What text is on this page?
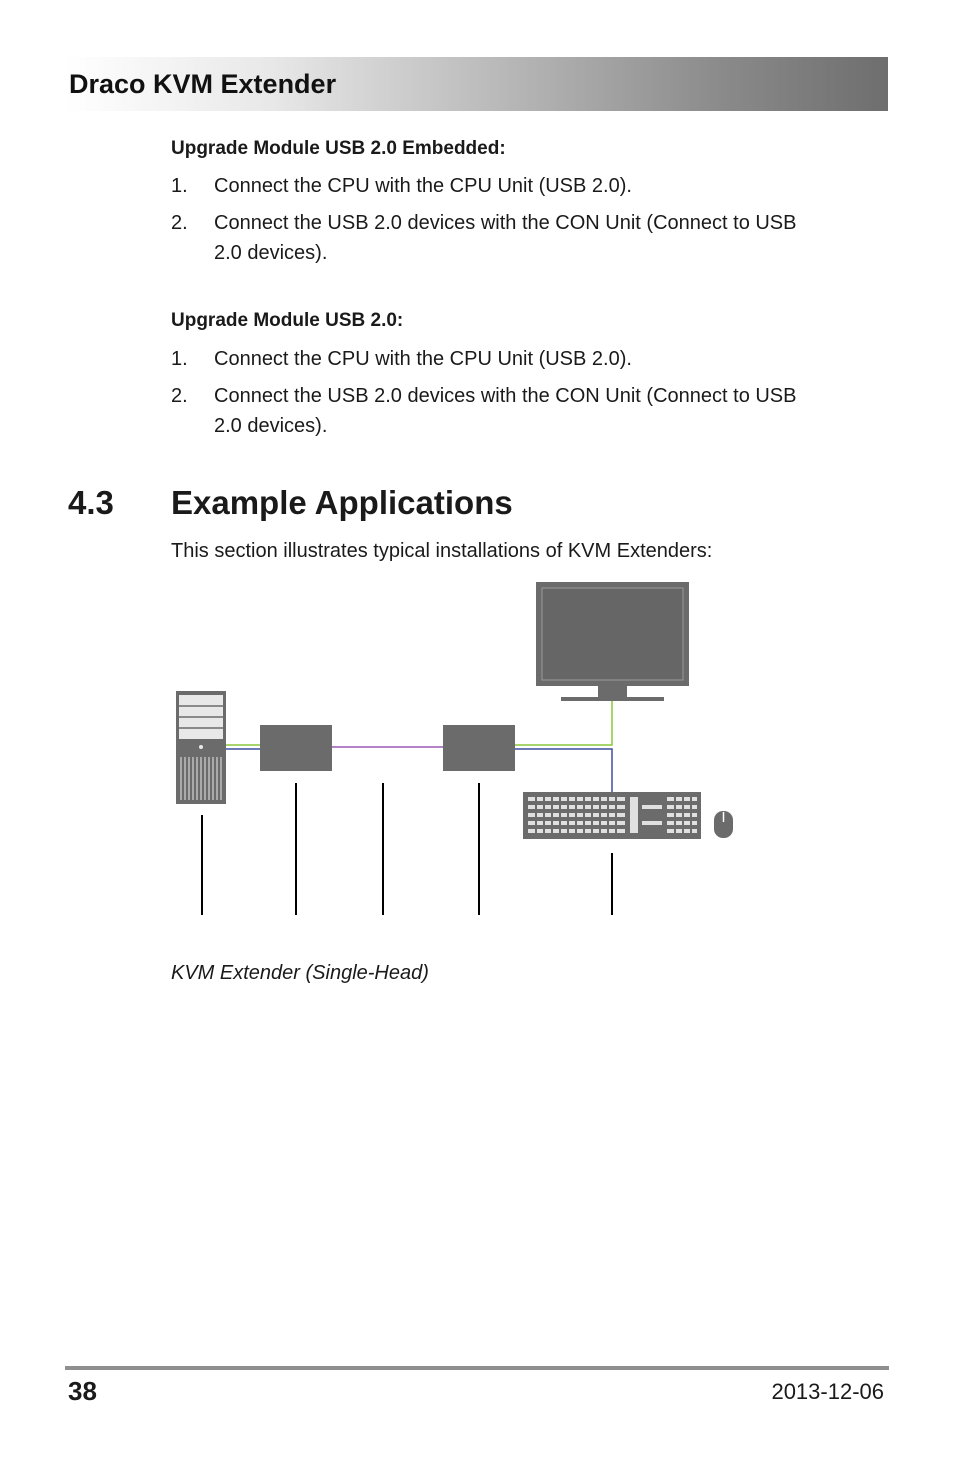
Draco KVM Extender
Upgrade Module USB 2.0 Embedded:
1. Connect the CPU with the CPU Unit (USB 2.0).
2. Connect the USB 2.0 devices with the CON Unit (Connect to USB 2.0 devices).
Upgrade Module USB 2.0:
1. Connect the CPU with the CPU Unit (USB 2.0).
2. Connect the USB 2.0 devices with the CON Unit (Connect to USB 2.0 devices).
4.3 Example Applications
This section illustrates typical installations of KVM Extenders:
KVM Extender (Single-Head)
38	2013-12-06
